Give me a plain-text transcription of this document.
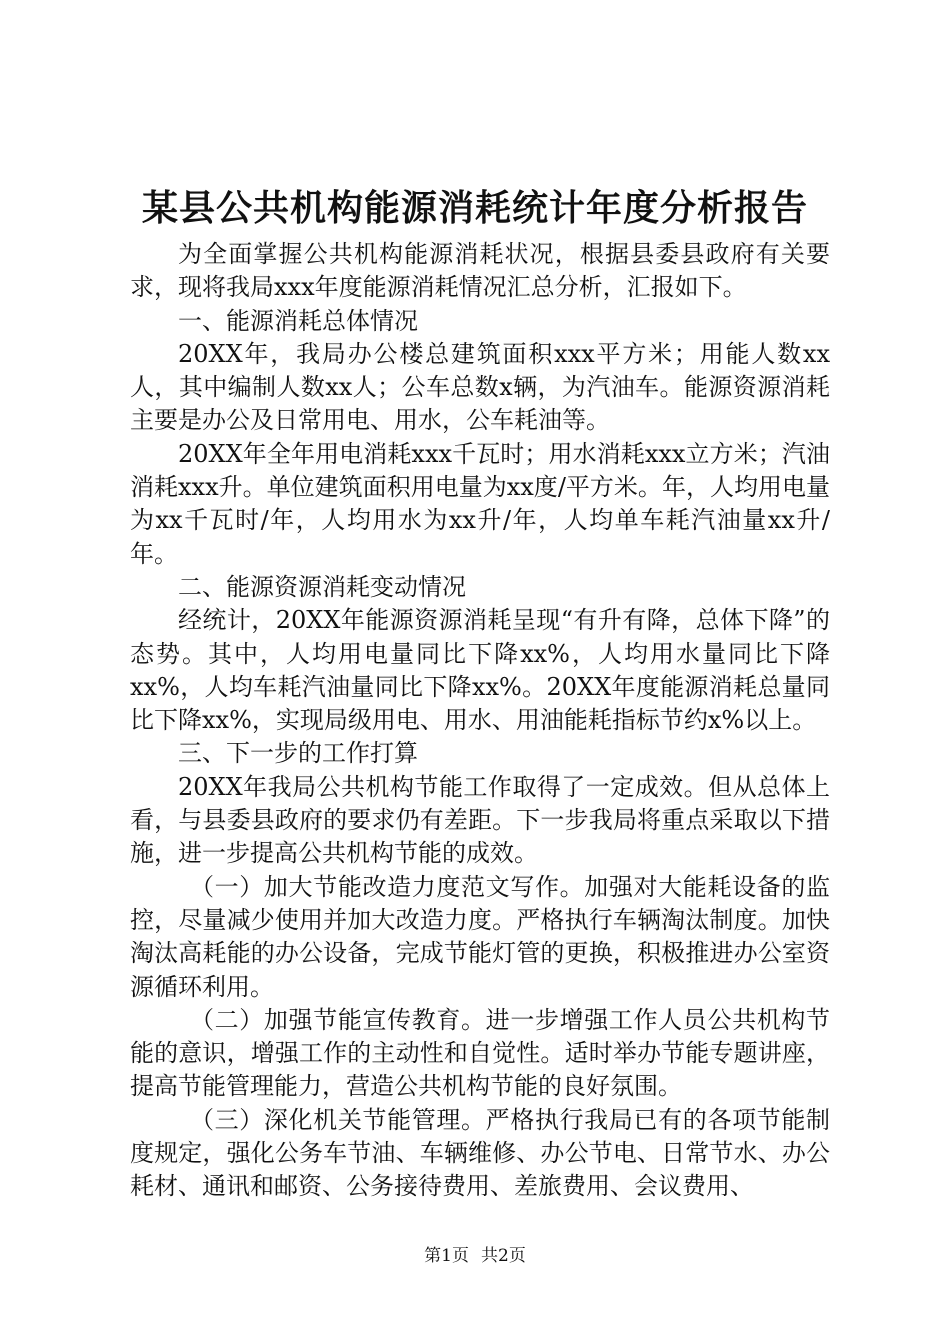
某县公共机构能源消耗统计年度分析报告

为全面掌握公共机构能源消耗状况，根据县委县政府有关要求，现将我局xxx年度能源消耗情况汇总分析，汇报如下。

一、能源消耗总体情况

20XX年，我局办公楼总建筑面积xxx平方米；用能人数xx人，其中编制人数xx人；公车总数x辆，为汽油车。能源资源消耗主要是办公及日常用电、用水，公车耗油等。

20XX年全年用电消耗xxx千瓦时；用水消耗xxx立方米；汽油消耗xxx升。单位建筑面积用电量为xx度/平方米。年，人均用电量为xx千瓦时/年，人均用水为xx升/年，人均单车耗汽油量xx升/年。

二、能源资源消耗变动情况

经统计，20XX年能源资源消耗呈现“有升有降，总体下降”的态势。其中，人均用电量同比下降xx%，人均用水量同比下降xx%，人均车耗汽油量同比下降xx%。20XX年度能源消耗总量同比下降xx%，实现局级用电、用水、用油能耗指标节约x%以上。

三、下一步的工作打算

20XX年我局公共机构节能工作取得了一定成效。但从总体上看，与县委县政府的要求仍有差距。下一步我局将重点采取以下措施，进一步提高公共机构节能的成效。

（一）加大节能改造力度范文写作。加强对大能耗设备的监控，尽量减少使用并加大改造力度。严格执行车辆淘汰制度。加快淘汰高耗能的办公设备，完成节能灯管的更换，积极推进办公室资源循环利用。

（二）加强节能宣传教育。进一步增强工作人员公共机构节能的意识，增强工作的主动性和自觉性。适时举办节能专题讲座，提高节能管理能力，营造公共机构节能的良好氛围。

（三）深化机关节能管理。严格执行我局已有的各项节能制度规定，强化公务车节油、车辆维修、办公节电、日常节水、办公耗材、通讯和邮资、公务接待费用、差旅费用、会议费用、

第1页 共2页
